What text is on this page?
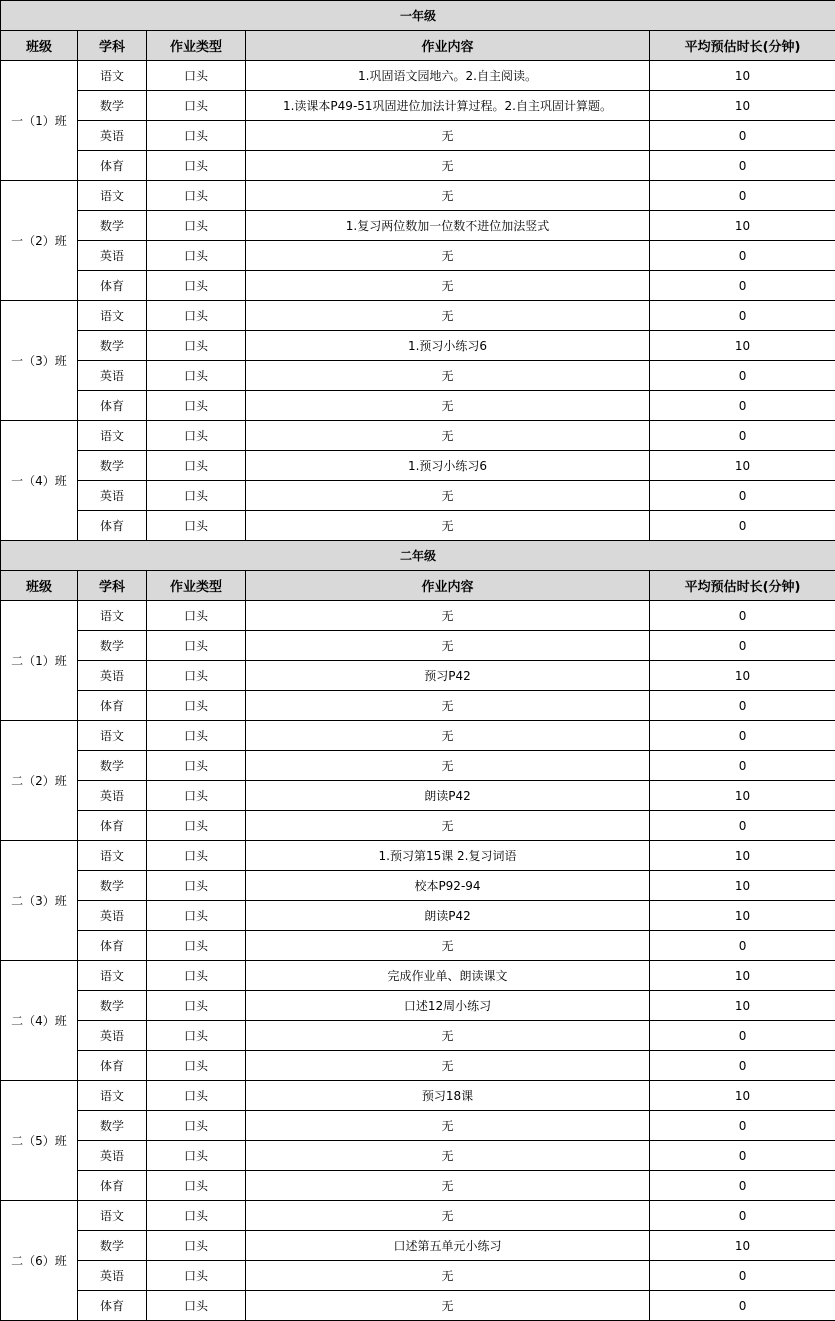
一年级				
班级	学科	作业类型	作业内容	平均预估时长(分钟)
一（1）班	语文	口头	1.巩固语文园地六。2.自主阅读。	10
	数学	口头	1.读课本P49-51巩固进位加法计算过程。2.自主巩固计算题。	10
	英语	口头	无	0
	体育	口头	无	0
一（2）班	语文	口头	无	0
	数学	口头	1.复习两位数加一位数不进位加法竖式	10
	英语	口头	无	0
	体育	口头	无	0
一（3）班	语文	口头	无	0
	数学	口头	1.预习小练习6	10
	英语	口头	无	0
	体育	口头	无	0
一（4）班	语文	口头	无	0
	数学	口头	1.预习小练习6	10
	英语	口头	无	0
	体育	口头	无	0
二年级				
班级	学科	作业类型	作业内容	平均预估时长(分钟)
二（1）班	语文	口头	无	0
	数学	口头	无	0
	英语	口头	预习P42	10
	体育	口头	无	0
二（2）班	语文	口头	无	0
	数学	口头	无	0
	英语	口头	朗读P42	10
	体育	口头	无	0
二（3）班	语文	口头	1.预习第15课 2.复习词语	10
	数学	口头	校本P92-94	10
	英语	口头	朗读P42	10
	体育	口头	无	0
二（4）班	语文	口头	完成作业单、朗读课文	10
	数学	口头	口述12周小练习	10
	英语	口头	无	0
	体育	口头	无	0
二（5）班	语文	口头	预习18课	10
	数学	口头	无	0
	英语	口头	无	0
	体育	口头	无	0
二（6）班	语文	口头	无	0
	数学	口头	口述第五单元小练习	10
	英语	口头	无	0
	体育	口头	无	0
